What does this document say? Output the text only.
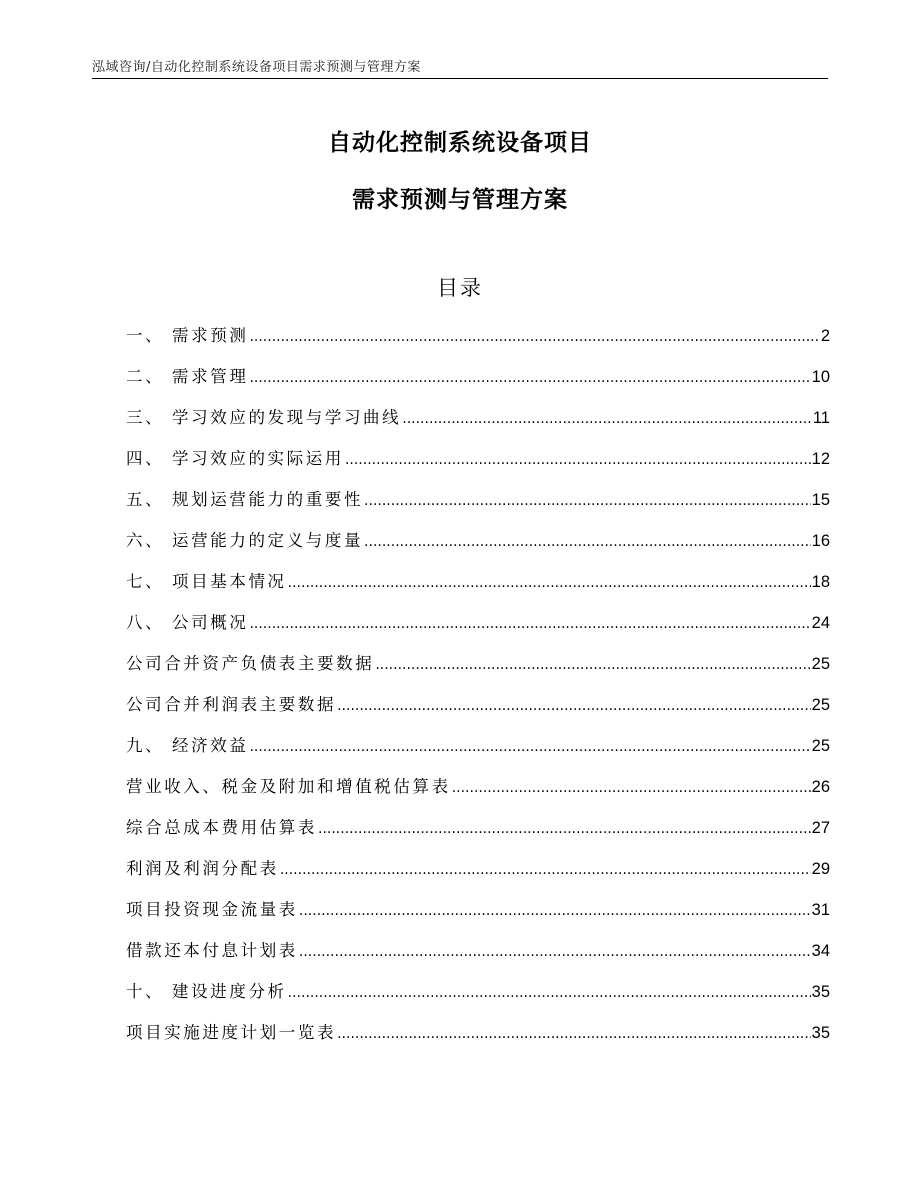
泓域咨询/自动化控制系统设备项目需求预测与管理方案
自动化控制系统设备项目
需求预测与管理方案
目录
一、 需求预测 .....	2
二、 需求管理 .....	10
三、 学习效应的发现与学习曲线 .....	11
四、 学习效应的实际运用 .....	12
五、 规划运营能力的重要性 .....	15
六、 运营能力的定义与度量 .....	16
七、 项目基本情况 .....	18
八、 公司概况 .....	24
公司合并资产负债表主要数据 .....	25
公司合并利润表主要数据 .....	25
九、 经济效益 .....	25
营业收入、税金及附加和增值税估算表 .....	26
综合总成本费用估算表 .....	27
利润及利润分配表 .....	29
项目投资现金流量表 .....	31
借款还本付息计划表 .....	34
十、 建设进度分析 .....	35
项目实施进度计划一览表 .....	35
